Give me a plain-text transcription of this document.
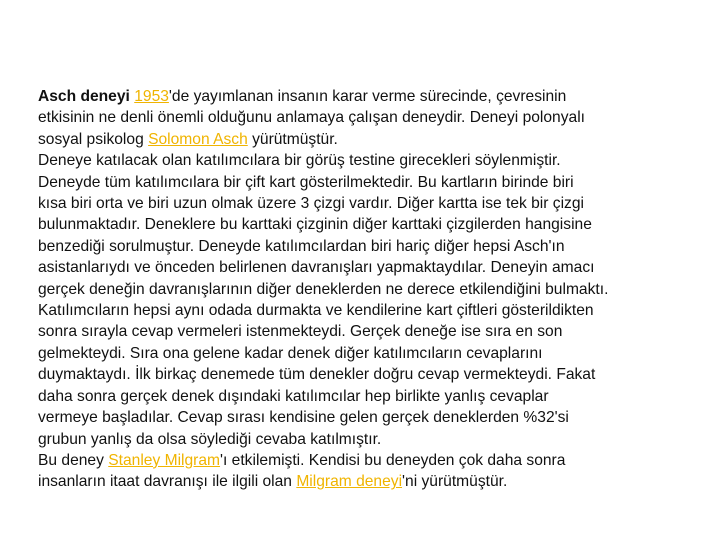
Asch deneyi 1953'de yayımlanan insanın karar verme sürecinde, çevresinin
etkisinin ne denli önemli olduğunu anlamaya çalışan deneydir. Deneyi polonyalı
sosyal psikolog Solomon Asch yürütmüştür.
Deneye katılacak olan katılımcılara bir görüş testine girecekleri söylenmiştir.
Deneyde tüm katılımcılara bir çift kart gösterilmektedir. Bu kartların birinde biri
kısa biri orta ve biri uzun olmak üzere 3 çizgi vardır. Diğer kartta ise tek bir çizgi
bulunmaktadır. Deneklere bu karttaki çizginin diğer karttaki çizgilerden hangisine
benzediği sorulmuştur. Deneyde katılımcılardan biri hariç diğer hepsi Asch'ın
asistanlarıydı ve önceden belirlenen davranışları yapmaktaydılar. Deneyin amacı
gerçek deneğin davranışlarının diğer deneklerden ne derece etkilendiğini bulmaktı.
Katılımcıların hepsi aynı odada durmakta ve kendilerine kart çiftleri gösterildikten
sonra sırayla cevap vermeleri istenmekteydi. Gerçek deneğe ise sıra en son
gelmekteydi. Sıra ona gelene kadar denek diğer katılımcıların cevaplarını
duymaktaydı. İlk birkaç denemede tüm denekler doğru cevap vermekteydi. Fakat
daha sonra gerçek denek dışındaki katılımcılar hep birlikte yanlış cevaplar
vermeye başladılar. Cevap sırası kendisine gelen gerçek deneklerden %32'si
grubun yanlış da olsa söylediği cevaba katılmıştır.
Bu deney Stanley Milgram'ı etkilemişti. Kendisi bu deneyden çok daha sonra
insanların itaat davranışı ile ilgili olan Milgram deneyi'ni yürütmüştür.
